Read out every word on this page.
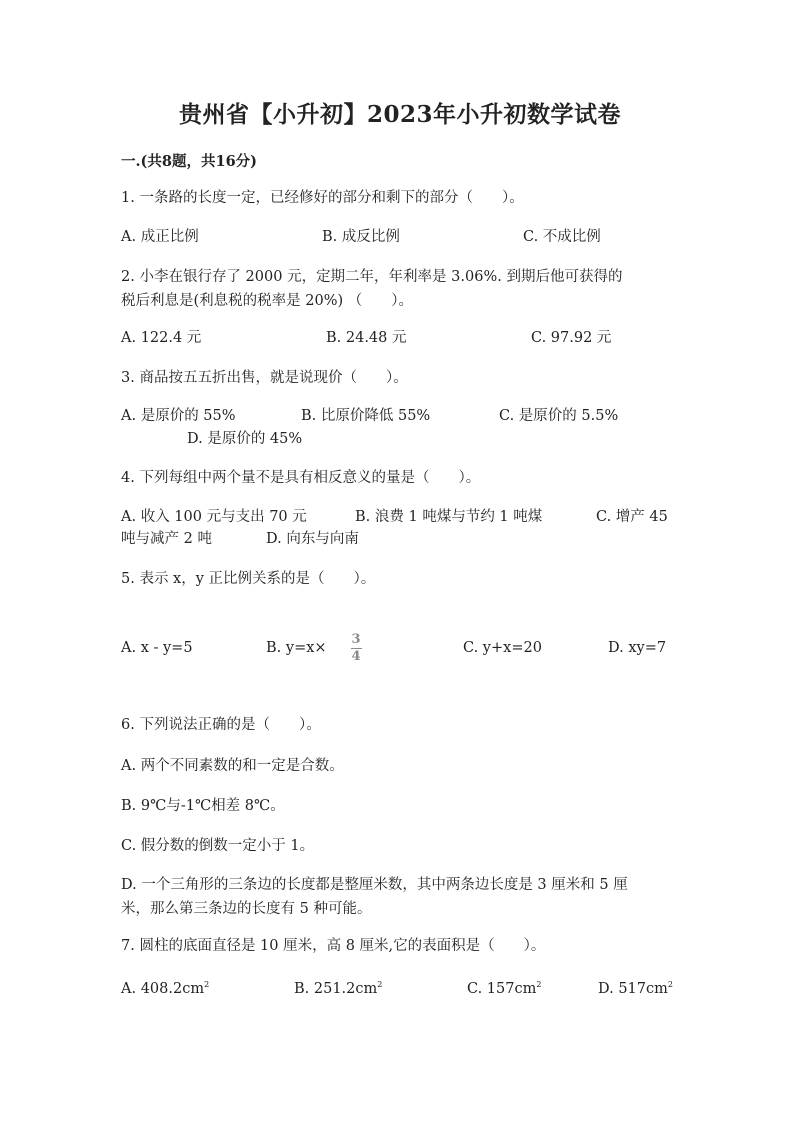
贵州省【小升初】2023年小升初数学试卷
一.(共8题，共16分)
1. 一条路的长度一定，已经修好的部分和剩下的部分（　　）。
A. 成正比例	B. 成反比例	C. 不成比例
2. 小李在银行存了 2000 元，定期二年，年利率是 3.06%. 到期后他可获得的
税后利息是(利息税的税率是 20%) （　　）。
A. 122.4 元	B. 24.48 元	C. 97.92 元
3. 商品按五五折出售，就是说现价（　　）。
A. 是原价的 55%	B. 比原价降低 55%	C. 是原价的 5.5%
D. 是原价的 45%
4. 下列每组中两个量不是具有相反意义的量是（　　）。
A. 收入 100 元与支出 70 元	B. 浪费 1 吨煤与节约 1 吨煤	C. 增产 45
吨与减产 2 吨	D. 向东与向南
5. 表示 x，y 正比例关系的是（　　）。
A. x - y=5	B. $y=x\times \frac{3}{4}$	C. y+x=20	D. xy=7
6. 下列说法正确的是（　　）。
A. 两个不同素数的和一定是合数。
B. 9℃与-1℃相差 8℃。
C. 假分数的倒数一定小于 1。
D. 一个三角形的三条边的长度都是整厘米数，其中两条边长度是 3 厘米和 5 厘
米，那么第三条边的长度有 5 种可能。
7. 圆柱的底面直径是 10 厘米，高 8 厘米,它的表面积是（　　）。
A. $408.2cm^2$	B. $251.2cm^2$	C. $157cm^2$	D. $517cm^2$
